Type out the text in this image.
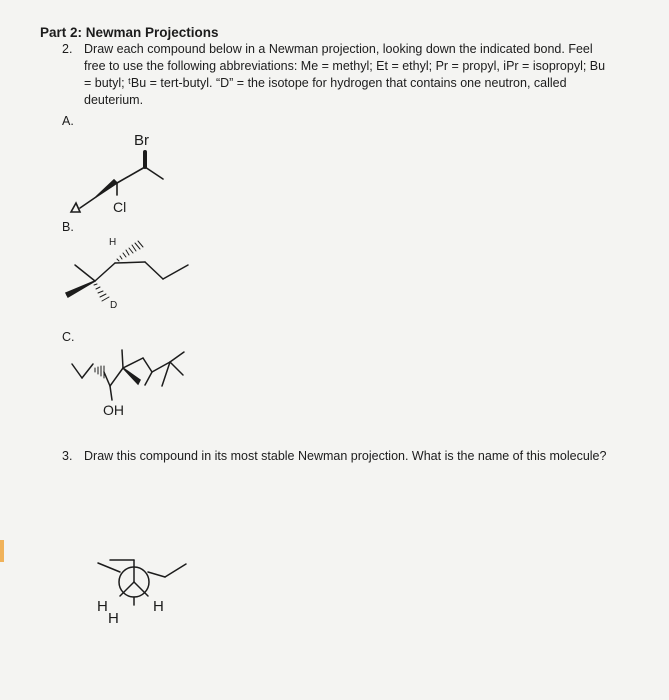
Part 2: Newman Projections
2. Draw each compound below in a Newman projection, looking down the indicated bond. Feel free to use the following abbreviations: Me = methyl; Et = ethyl; Pr = propyl, iPr = isopropyl; Bu = butyl; ᵗBu = tert-butyl. “D” = the isotope for hydrogen that contains one neutron, called deuterium.
A.
B.
C.
3. Draw this compound in its most stable Newman projection. What is the name of this molecule?
Br
Cl
H
D
OH
H
H
H
